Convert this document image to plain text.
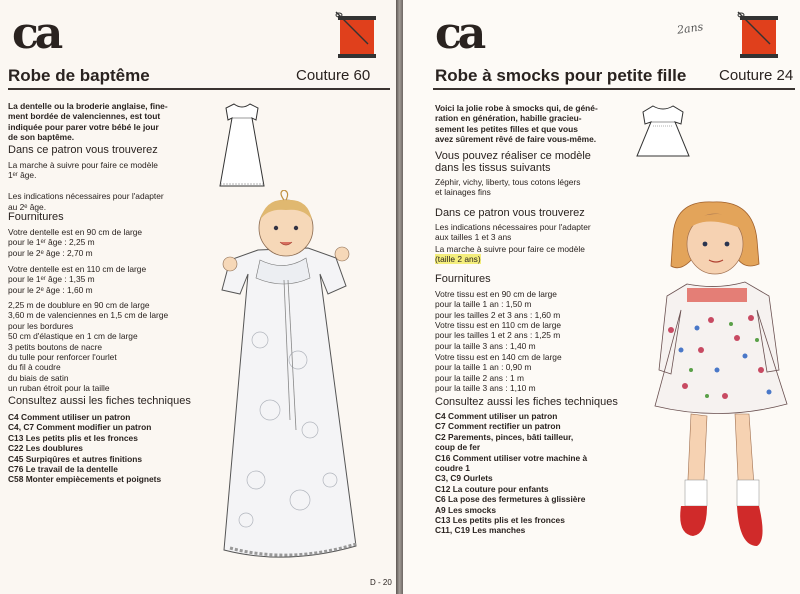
ca
Robe de baptême	Couture 60
La dentelle ou la broderie anglaise, fine-
ment bordée de valenciennes, est tout
indiquée pour parer votre bébé le jour
de son baptême.
Dans ce patron vous trouverez
La marche à suivre pour faire ce modèle
1ᵉʳ âge.

Les indications nécessaires pour l'adapter
au 2ᵉ âge.
Fournitures
Votre dentelle est en 90 cm de large
pour le 1ᵉʳ âge : 2,25 m
pour le 2ᵉ âge : 2,70 m
Votre dentelle est en 110 cm de large
pour le 1ᵉʳ âge : 1,35 m
pour le 2ᵉ âge : 1,60 m
2,25 m de doublure en 90 cm de large
3,60 m de valenciennes en 1,5 cm de large
pour les bordures
50 cm d'élastique en 1 cm de large
3 petits boutons de nacre
du tulle pour renforcer l'ourlet
du fil à coudre
du biais de satin
un ruban étroit pour la taille
Consultez aussi les fiches techniques
C4 Comment utiliser un patron
C4, C7 Comment modifier un patron
C13 Les petits plis et les fronces
C22 Les doublures
C45 Surpiqûres et autres finitions
C76 Le travail de la dentelle
C58 Monter empiècements et poignets
D - 20
ca	2ans
Robe à smocks pour petite fille Couture 24
Voici la jolie robe à smocks qui, de géné-
ration en génération, habille gracieu-
sement les petites filles et que vous
avez sûrement rêvé de faire vous-même.
Vous pouvez réaliser ce modèle
dans les tissus suivants
Zéphir, vichy, liberty, tous cotons légers
et lainages fins
Dans ce patron vous trouverez
Les indications nécessaires pour l'adapter
aux tailles 1 et 3 ans
La marche à suivre pour faire ce modèle
(taille 2 ans)
Fournitures
Votre tissu est en 90 cm de large
pour la taille 1 an : 1,50 m
pour les tailles 2 et 3 ans : 1,60 m
Votre tissu est en 110 cm de large
pour les tailles 1 et 2 ans : 1,25 m
pour la taille 3 ans : 1,40 m
Votre tissu est en 140 cm de large
pour la taille 1 an : 0,90 m
pour la taille 2 ans : 1 m
pour la taille 3 ans : 1,10 m
Consultez aussi les fiches techniques
C4 Comment utiliser un patron
C7 Comment rectifier un patron
C2 Parements, pinces, bâti tailleur,
coup de fer
C16 Comment utiliser votre machine à
coudre 1
C3, C9 Ourlets
C12 La couture pour enfants
C6 La pose des fermetures à glissière
A9 Les smocks
C13 Les petits plis et les fronces
C11, C19 Les manches
